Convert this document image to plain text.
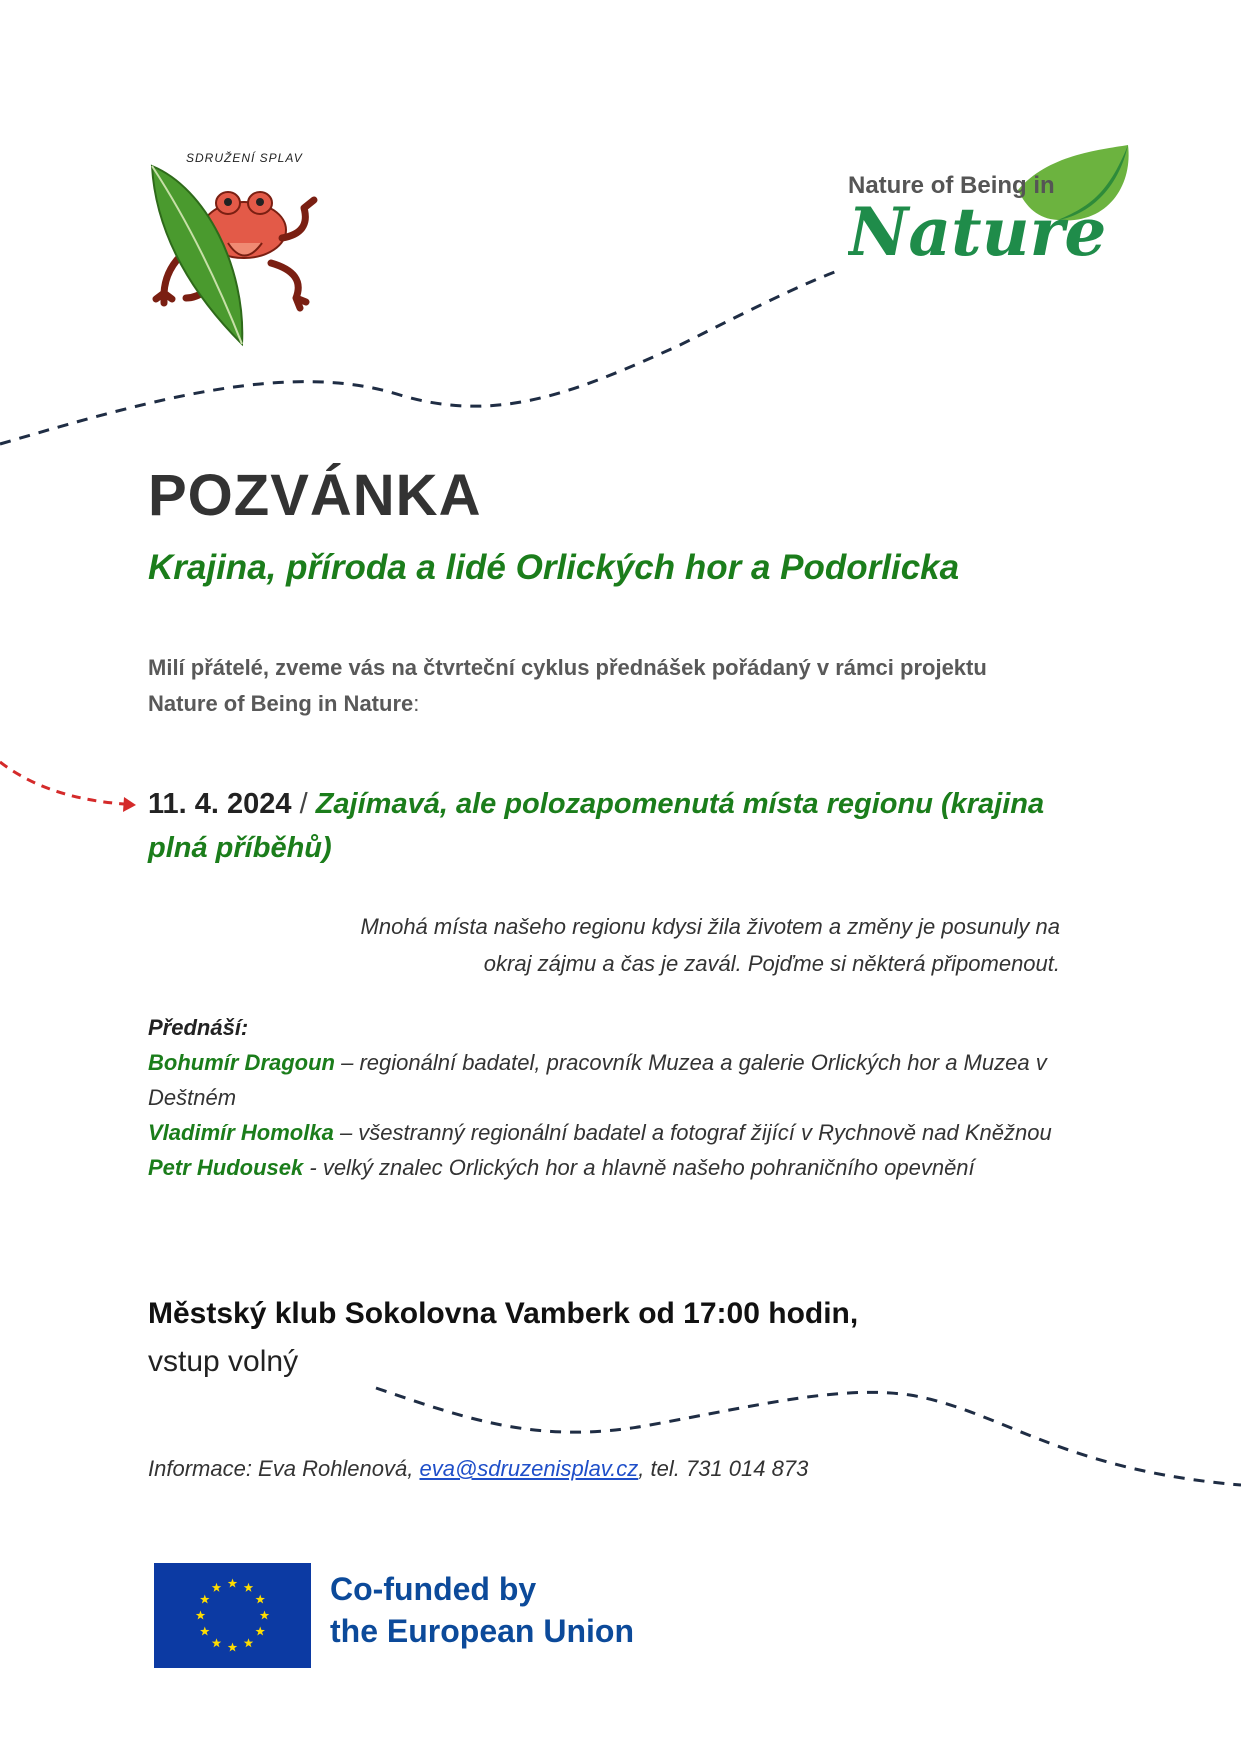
SDRUŽENÍ SPLAV
Nature of Being in
Nature
POZVÁNKA
Krajina, příroda a lidé Orlických hor a Podorlicka

Milí přátelé, zveme vás na čtvrteční cyklus přednášek pořádaný v rámci projektu
Nature of Being in Nature:

11. 4. 2024 / Zajímavá, ale polozapomenutá místa regionu (krajina plná příběhů)

Mnohá místa našeho regionu kdysi žila životem a změny je posunuly na
okraj zájmu a čas je zavál. Pojďme si některá připomenout.

Přednáší:
Bohumír Dragoun – regionální badatel, pracovník Muzea a galerie Orlických hor a Muzea v Deštném
Vladimír Homolka – všestranný regionální badatel a fotograf žijící v Rychnově nad Kněžnou
Petr Hudousek - velký znalec Orlických hor a hlavně našeho pohraničního opevnění

Městský klub Sokolovna Vamberk od 17:00 hodin,

vstup volný

Informace: Eva Rohlenová, eva@sdruzenisplav.cz, tel. 731 014 873

Co-funded by
the European Union
